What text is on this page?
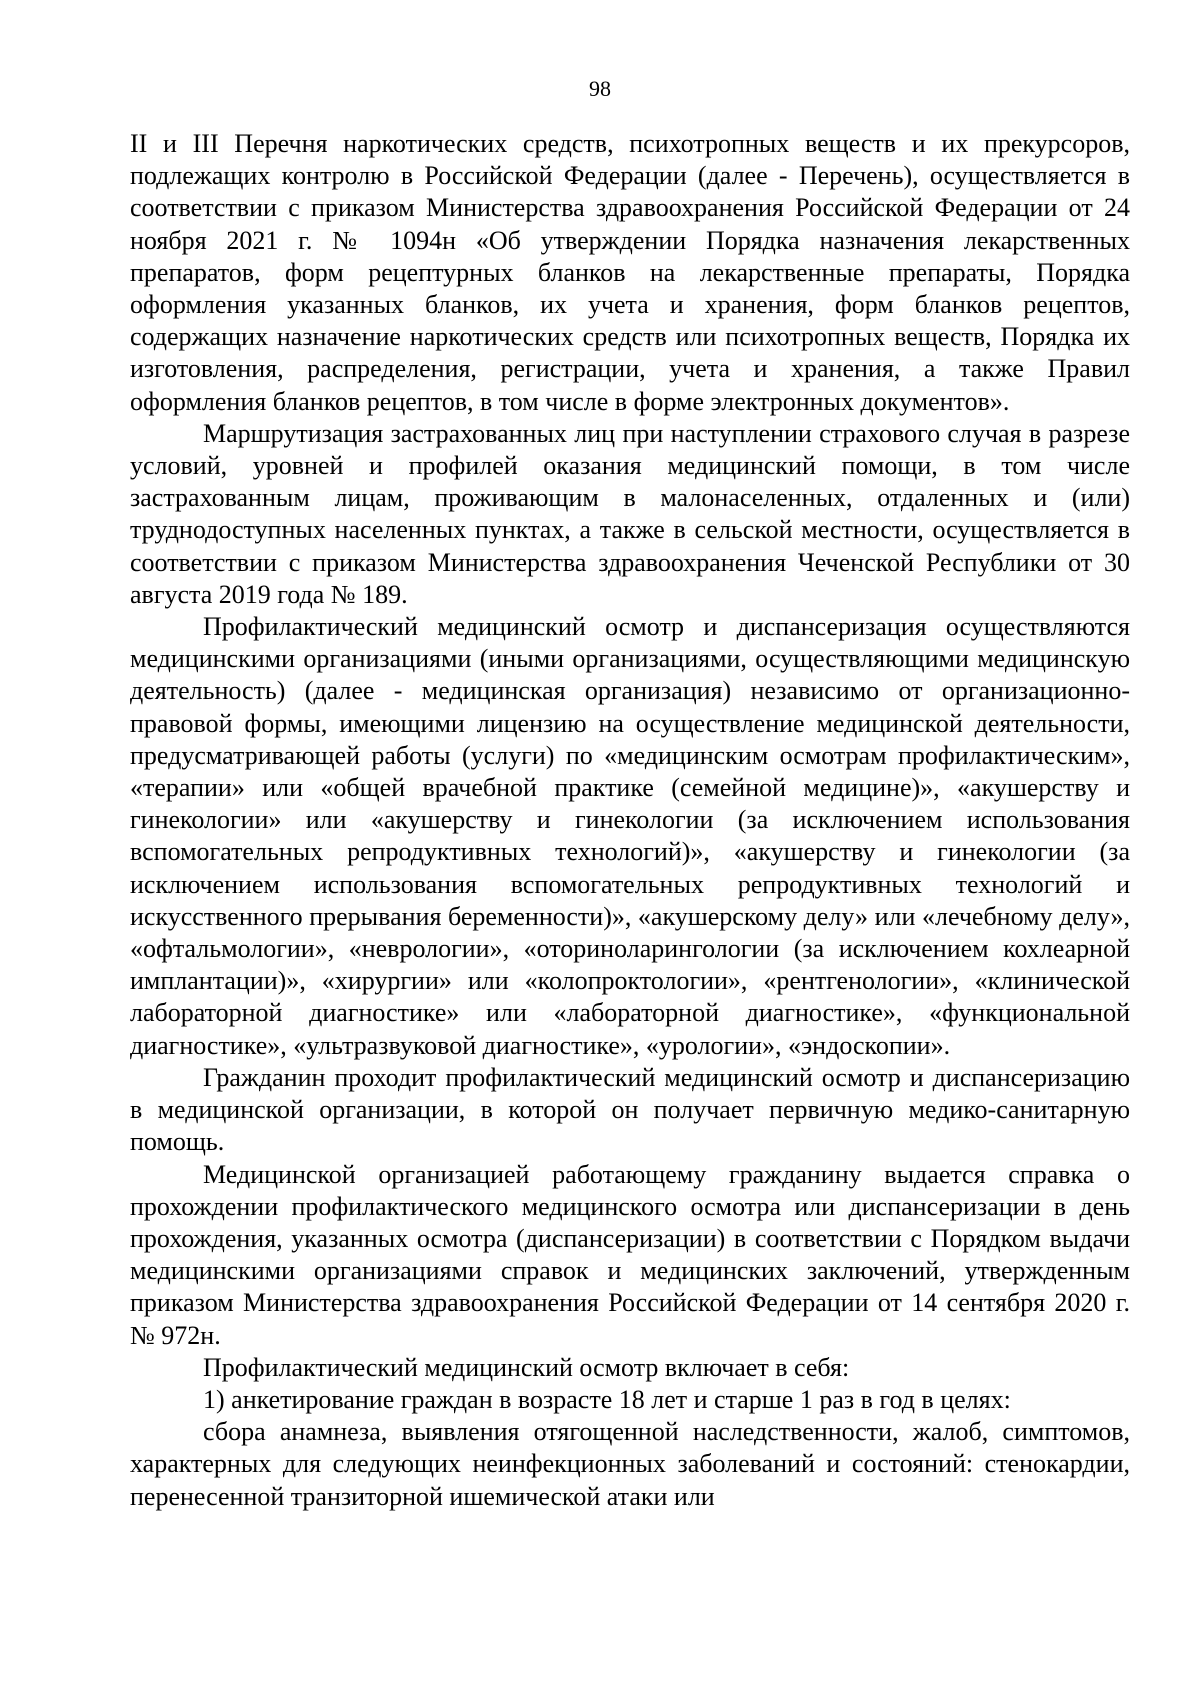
98

II и III Перечня наркотических средств, психотропных веществ и их прекурсоров, подлежащих контролю в Российской Федерации (далее - Перечень), осуществляется в соответствии с приказом Министерства здравоохранения Российской Федерации от 24 ноября 2021 г. № 1094н «Об утверждении Порядка назначения лекарственных препаратов, форм рецептурных бланков на лекарственные препараты, Порядка оформления указанных бланков, их учета и хранения, форм бланков рецептов, содержащих назначение наркотических средств или психотропных веществ, Порядка их изготовления, распределения, регистрации, учета и хранения, а также Правил оформления бланков рецептов, в том числе в форме электронных документов».

Маршрутизация застрахованных лиц при наступлении страхового случая в разрезе условий, уровней и профилей оказания медицинский помощи, в том числе застрахованным лицам, проживающим в малонаселенных, отдаленных и (или) труднодоступных населенных пунктах, а также в сельской местности, осуществляется в соответствии с приказом Министерства здравоохранения Чеченской Республики от 30 августа 2019 года № 189.

Профилактический медицинский осмотр и диспансеризация осуществляются медицинскими организациями (иными организациями, осуществляющими медицинскую деятельность) (далее - медицинская организация) независимо от организационно-правовой формы, имеющими лицензию на осуществление медицинской деятельности, предусматривающей работы (услуги) по «медицинским осмотрам профилактическим», «терапии» или «общей врачебной практике (семейной медицине)», «акушерству и гинекологии» или «акушерству и гинекологии (за исключением использования вспомогательных репродуктивных технологий)», «акушерству и гинекологии (за исключением использования вспомогательных репродуктивных технологий и искусственного прерывания беременности)», «акушерскому делу» или «лечебному делу», «офтальмологии», «неврологии», «оториноларингологии (за исключением кохлеарной имплантации)», «хирургии» или «колопроктологии», «рентгенологии», «клинической лабораторной диагностике» или «лабораторной диагностике», «функциональной диагностике», «ультразвуковой диагностике», «урологии», «эндоскопии».

Гражданин проходит профилактический медицинский осмотр и диспансеризацию в медицинской организации, в которой он получает первичную медико-санитарную помощь.

Медицинской организацией работающему гражданину выдается справка о прохождении профилактического медицинского осмотра или диспансеризации в день прохождения, указанных осмотра (диспансеризации) в соответствии с Порядком выдачи медицинскими организациями справок и медицинских заключений, утвержденным приказом Министерства здравоохранения Российской Федерации от 14 сентября 2020 г. № 972н.

Профилактический медицинский осмотр включает в себя:

1) анкетирование граждан в возрасте 18 лет и старше 1 раз в год в целях:

сбора анамнеза, выявления отягощенной наследственности, жалоб, симптомов, характерных для следующих неинфекционных заболеваний и состояний: стенокардии, перенесенной транзиторной ишемической атаки или
